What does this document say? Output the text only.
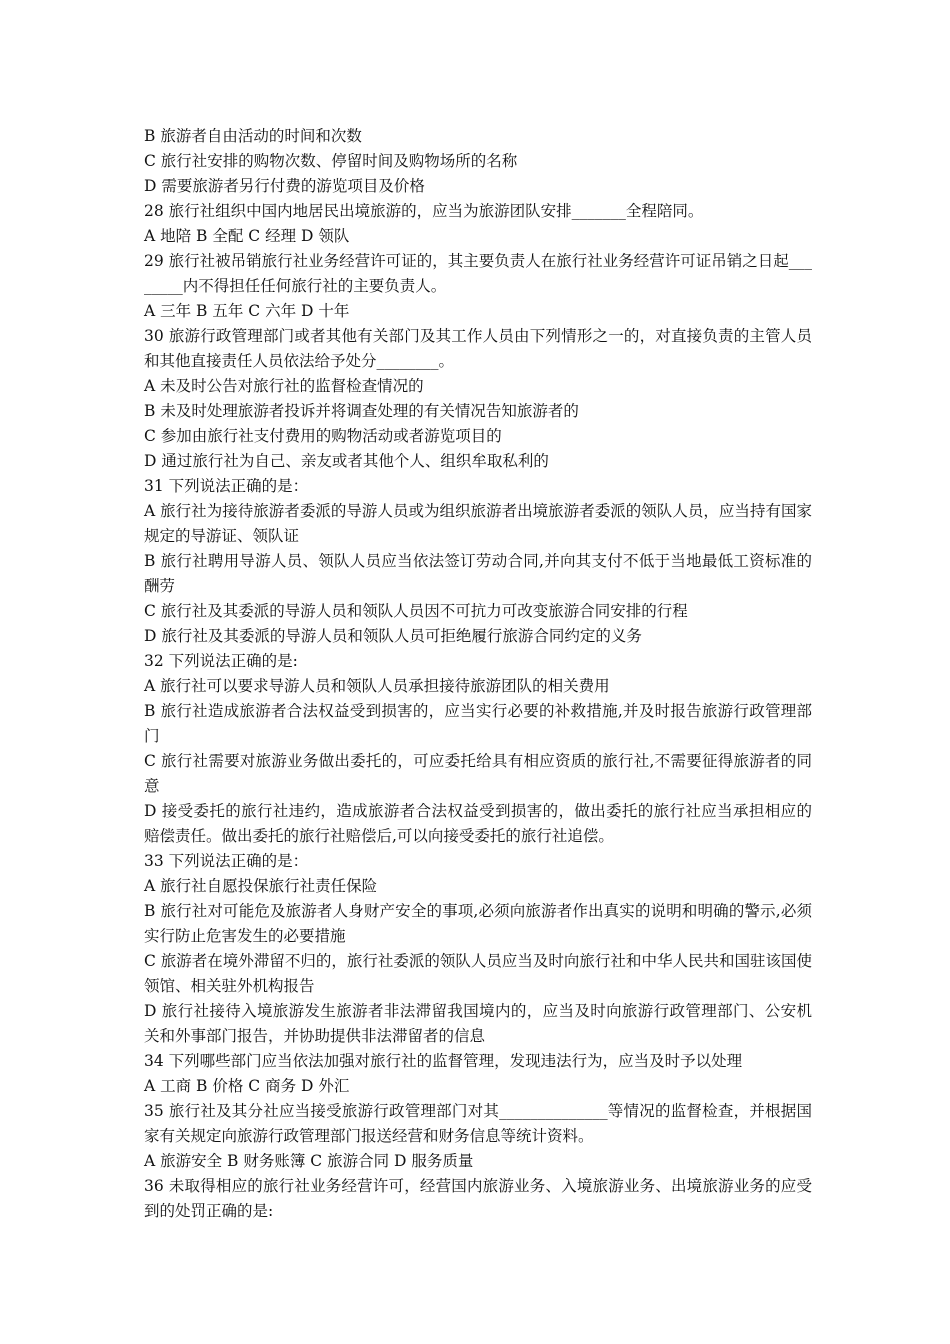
B 旅游者自由活动的时间和次数

C 旅行社安排的购物次数、停留时间及购物场所的名称

D 需要旅游者另行付费的游览项目及价格

28 旅行社组织中国内地居民出境旅游的，应当为旅游团队安排_______全程陪同。

A 地陪 B 全配 C 经理 D 领队

29 旅行社被吊销旅行社业务经营许可证的，其主要负责人在旅行社业务经营许可证吊销之日起________内不得担任任何旅行社的主要负责人。

A 三年 B 五年 C 六年 D 十年

30 旅游行政管理部门或者其他有关部门及其工作人员由下列情形之一的，对直接负责的主管人员和其他直接责任人员依法给予处分________。

A 未及时公告对旅行社的监督检查情况的

B 未及时处理旅游者投诉并将调查处理的有关情况告知旅游者的

C 参加由旅行社支付费用的购物活动或者游览项目的

D 通过旅行社为自己、亲友或者其他个人、组织牟取私利的

31 下列说法正确的是：

A 旅行社为接待旅游者委派的导游人员或为组织旅游者出境旅游者委派的领队人员，应当持有国家规定的导游证、领队证

B 旅行社聘用导游人员、领队人员应当依法签订劳动合同,并向其支付不低于当地最低工资标准的酬劳

C 旅行社及其委派的导游人员和领队人员因不可抗力可改变旅游合同安排的行程

D 旅行社及其委派的导游人员和领队人员可拒绝履行旅游合同约定的义务

32 下列说法正确的是:

A 旅行社可以要求导游人员和领队人员承担接待旅游团队的相关费用

B 旅行社造成旅游者合法权益受到损害的，应当实行必要的补救措施,并及时报告旅游行政管理部门

C 旅行社需要对旅游业务做出委托的，可应委托给具有相应资质的旅行社,不需要征得旅游者的同意

D 接受委托的旅行社违约，造成旅游者合法权益受到损害的，做出委托的旅行社应当承担相应的赔偿责任。做出委托的旅行社赔偿后,可以向接受委托的旅行社追偿。

33 下列说法正确的是：

A 旅行社自愿投保旅行社责任保险

B 旅行社对可能危及旅游者人身财产安全的事项,必须向旅游者作出真实的说明和明确的警示,必须实行防止危害发生的必要措施

C 旅游者在境外滞留不归的，旅行社委派的领队人员应当及时向旅行社和中华人民共和国驻该国使领馆、相关驻外机构报告

D 旅行社接待入境旅游发生旅游者非法滞留我国境内的，应当及时向旅游行政管理部门、公安机关和外事部门报告，并协助提供非法滞留者的信息

34 下列哪些部门应当依法加强对旅行社的监督管理，发现违法行为，应当及时予以处理

A 工商 B 价格 C 商务 D 外汇

35 旅行社及其分社应当接受旅游行政管理部门对其______________等情况的监督检查，并根据国家有关规定向旅游行政管理部门报送经营和财务信息等统计资料。

A 旅游安全 B 财务账簿 C 旅游合同 D 服务质量

36 未取得相应的旅行社业务经营许可，经营国内旅游业务、入境旅游业务、出境旅游业务的应受到的处罚正确的是:
